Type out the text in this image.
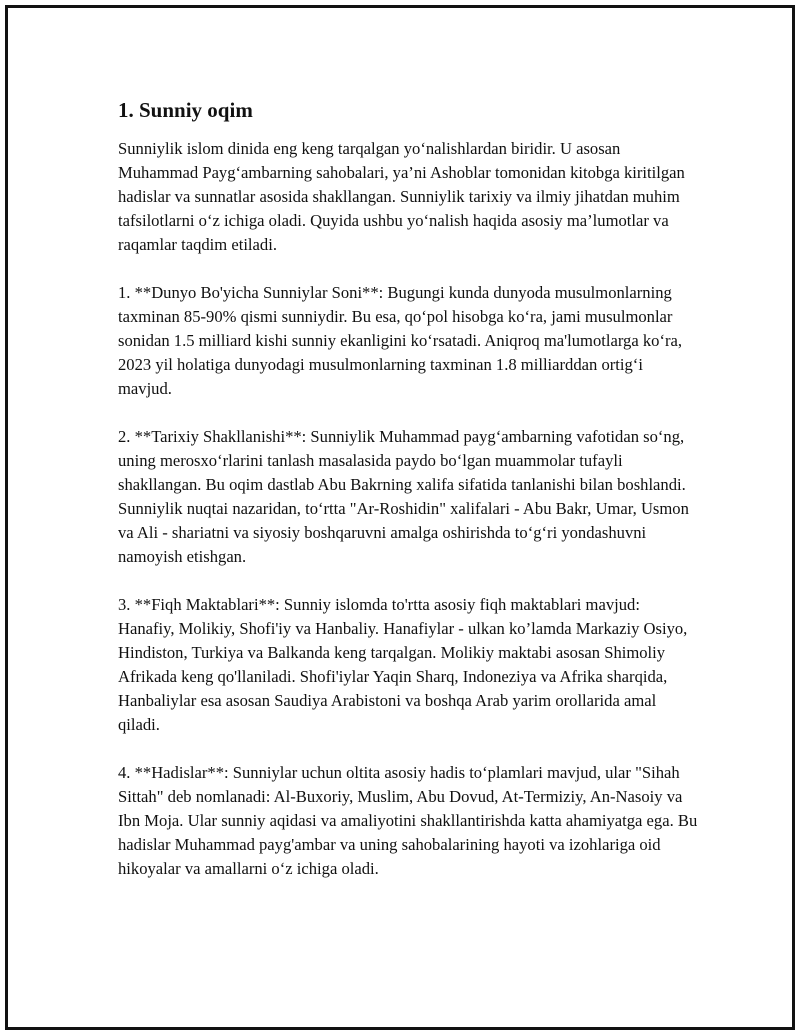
1. Sunniy oqim

Sunniylik islom dinida eng keng tarqalgan yo‘nalishlardan biridir. U asosan Muhammad Payg‘ambarning sahobalari, ya’ni Ashoblar tomonidan kitobga kiritilgan hadislar va sunnatlar asosida shakllangan. Sunniylik tarixiy va ilmiy jihatdan muhim tafsilotlarni o‘z ichiga oladi. Quyida ushbu yo‘nalish haqida asosiy ma’lumotlar va raqamlar taqdim etiladi.

1. **Dunyo Bo'yicha Sunniylar Soni**: Bugungi kunda dunyoda musulmonlarning taxminan 85-90% qismi sunniydir. Bu esa, qo‘pol hisobga ko‘ra, jami musulmonlar sonidan 1.5 milliard kishi sunniy ekanligini ko‘rsatadi. Aniqroq ma'lumotlarga ko‘ra, 2023 yil holatiga dunyodagi musulmonlarning taxminan 1.8 milliarddan ortig‘i mavjud.

2. **Tarixiy Shakllanishi**: Sunniylik Muhammad payg‘ambarning vafotidan so‘ng, uning merosxo‘rlarini tanlash masalasida paydo bo‘lgan muammolar tufayli shakllangan. Bu oqim dastlab Abu Bakrning xalifa sifatida tanlanishi bilan boshlandi. Sunniylik nuqtai nazaridan, to‘rtta "Ar-Roshidin" xalifalari - Abu Bakr, Umar, Usmon va Ali - shariatni va siyosiy boshqaruvni amalga oshirishda to‘g‘ri yondashuvni namoyish etishgan.

3. **Fiqh Maktablari**: Sunniy islomda to'rtta asosiy fiqh maktablari mavjud: Hanafiy, Molikiy, Shofi'iy va Hanbaliy. Hanafiylar - ulkan ko’lamda Markaziy Osiyo, Hindiston, Turkiya va Balkanda keng tarqalgan. Molikiy maktabi asosan Shimoliy Afrikada keng qo'llaniladi. Shofi'iylar Yaqin Sharq, Indoneziya va Afrika sharqida, Hanbaliylar esa asosan Saudiya Arabistoni va boshqa Arab yarim orollarida amal qiladi.

4. **Hadislar**: Sunniylar uchun oltita asosiy hadis to‘plamlari mavjud, ular "Sihah Sittah" deb nomlanadi: Al-Buxoriy, Muslim, Abu Dovud, At-Termiziy, An-Nasoiy va Ibn Moja. Ular sunniy aqidasi va amaliyotini shakllantirishda katta ahamiyatga ega. Bu hadislar Muhammad payg'ambar va uning sahobalarining hayoti va izohlariga oid hikoyalar va amallarni o‘z ichiga oladi.
